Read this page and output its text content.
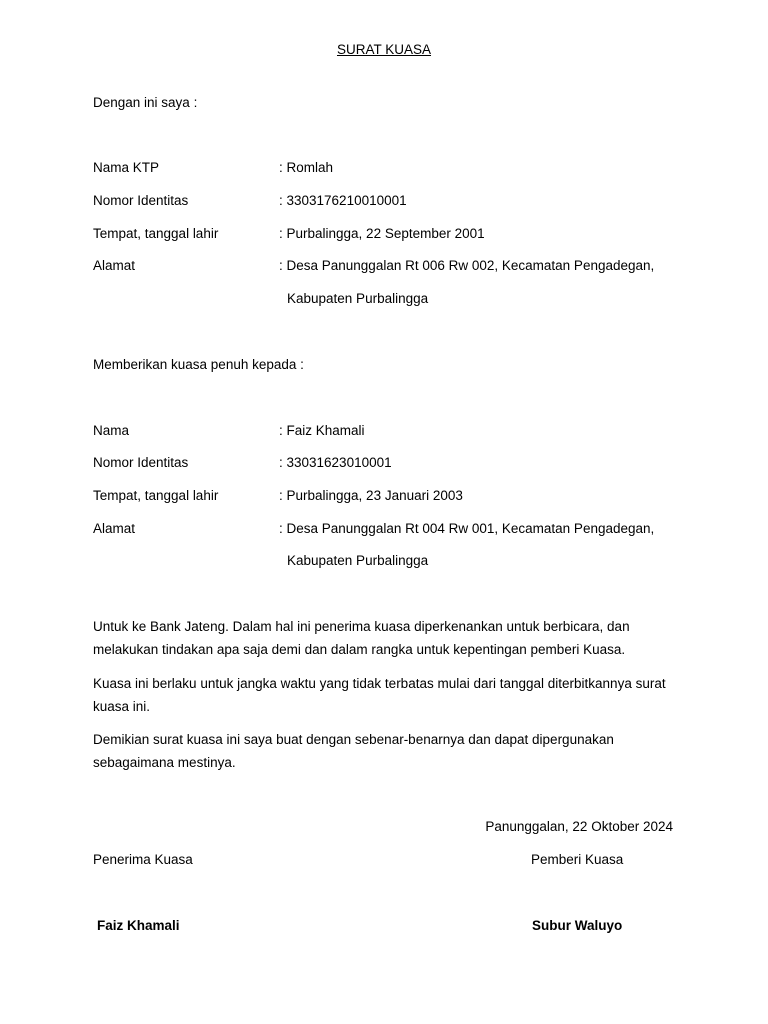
SURAT KUASA
Dengan ini saya :
Nama KTP	: Romlah
Nomor Identitas	: 3303176210010001
Tempat, tanggal lahir	: Purbalingga, 22 September 2001
Alamat	: Desa Panunggalan Rt 006 Rw 002, Kecamatan Pengadegan,
Kabupaten Purbalingga
Memberikan kuasa penuh kepada :
Nama	: Faiz Khamali
Nomor Identitas	: 33031623010001
Tempat, tanggal lahir	: Purbalingga, 23 Januari 2003
Alamat	: Desa Panunggalan Rt 004 Rw 001, Kecamatan Pengadegan,
Kabupaten Purbalingga
Untuk ke Bank Jateng. Dalam hal ini penerima kuasa diperkenankan untuk berbicara, dan melakukan tindakan apa saja demi dan dalam rangka untuk kepentingan pemberi Kuasa.
Kuasa ini berlaku untuk jangka waktu yang tidak terbatas mulai dari tanggal diterbitkannya surat kuasa ini.
Demikian surat kuasa ini saya buat dengan sebenar-benarnya dan dapat dipergunakan sebagaimana mestinya.
Panunggalan, 22 Oktober 2024
Penerima Kuasa	Pemberi Kuasa
Faiz Khamali	Subur Waluyo
